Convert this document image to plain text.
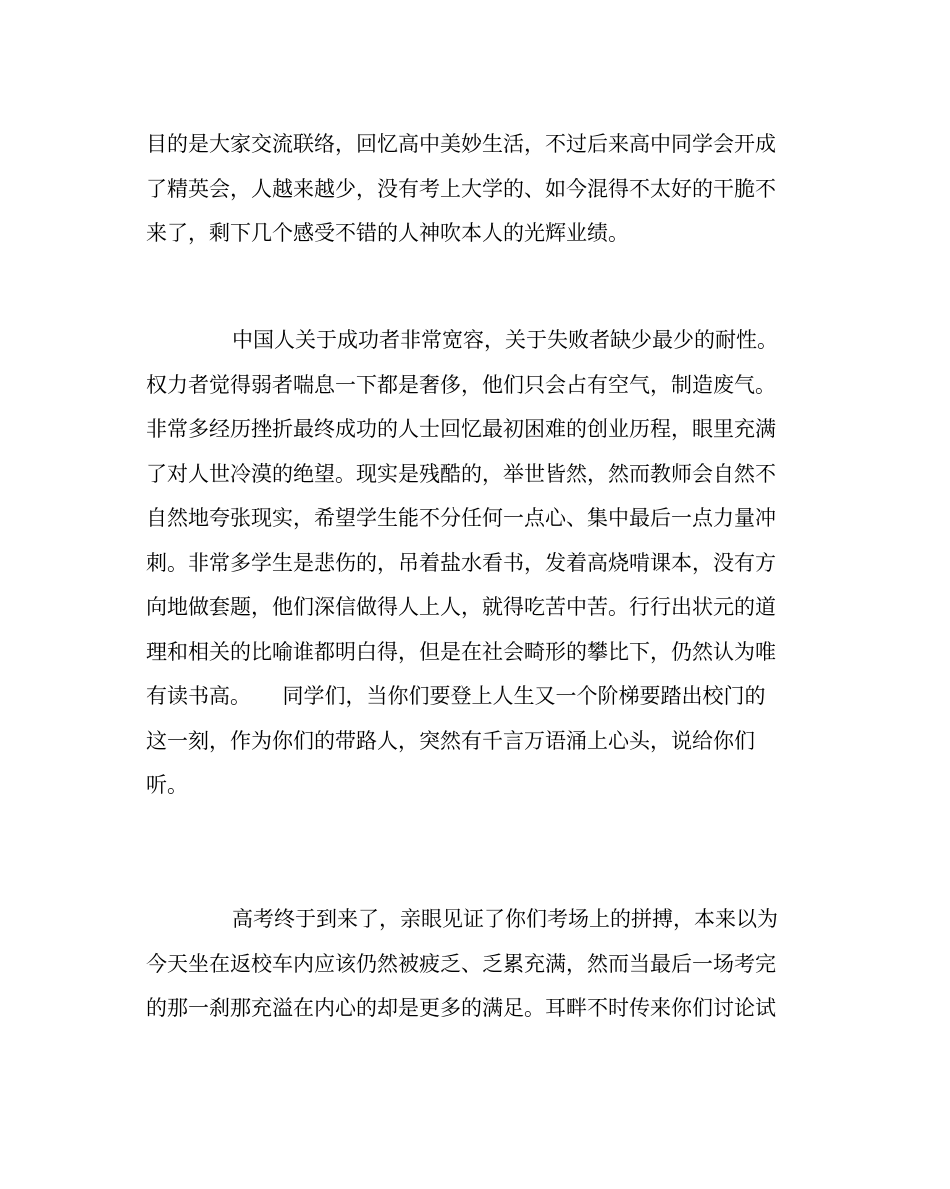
目的是大家交流联络，回忆高中美妙生活，不过后来高中同学会开成
了精英会，人越来越少，没有考上大学的、如今混得不太好的干脆不
来了，剩下几个感受不错的人神吹本人的光辉业绩。
中国人关于成功者非常宽容，关于失败者缺少最少的耐性。
权力者觉得弱者喘息一下都是奢侈，他们只会占有空气，制造废气。
非常多经历挫折最终成功的人士回忆最初困难的创业历程，眼里充满
了对人世冷漠的绝望。现实是残酷的，举世皆然，然而教师会自然不
自然地夸张现实，希望学生能不分任何一点心、集中最后一点力量冲
刺。非常多学生是悲伤的，吊着盐水看书，发着高烧啃课本，没有方
向地做套题，他们深信做得人上人，就得吃苦中苦。行行出状元的道
理和相关的比喻谁都明白得，但是在社会畸形的攀比下，仍然认为唯
有读书高。　　同学们，当你们要登上人生又一个阶梯要踏出校门的
这一刻，作为你们的带路人，突然有千言万语涌上心头，说给你们
听。
高考终于到来了，亲眼见证了你们考场上的拼搏，本来以为
今天坐在返校车内应该仍然被疲乏、乏累充满，然而当最后一场考完
的那一刹那充溢在内心的却是更多的满足。耳畔不时传来你们讨论试
